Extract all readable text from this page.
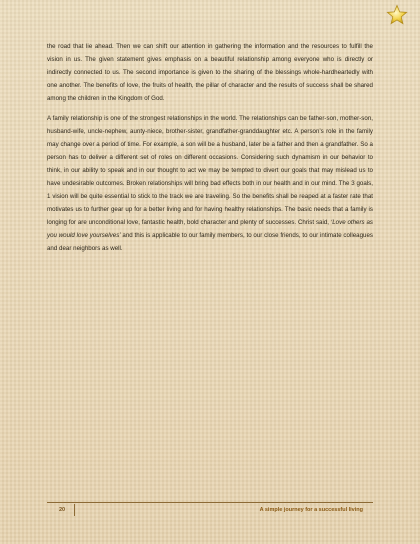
the road that lie ahead. Then we can shift our attention in gathering the information and the resources to fulfill the vision in us. The given statement gives emphasis on a beautiful relationship among everyone who is directly or indirectly connected to us. The second importance is given to the sharing of the blessings whole-hardheartedly with one another. The benefits of love, the fruits of health, the pillar of character and the results of success shall be shared among the children in the Kingdom of God.

A family relationship is one of the strongest relationships in the world. The relationships can be father-son, mother-son, husband-wife, uncle-nephew, aunty-niece, brother-sister, grandfather-granddaughter etc. A person’s role in the family may change over a period of time. For example, a son will be a husband, later be a father and then a grandfather. So a person has to deliver a different set of roles on different occasions. Considering such dynamism in our behavior to think, in our ability to speak and in our thought to act we may be tempted to divert our goals that may mislead us to have undesirable outcomes. Broken relationships will bring bad effects both in our health and in our mind. The 3 goals, 1 vision will be quite essential to stick to the track we are traveling. So the benefits shall be reaped at a faster rate that motivates us to further gear up for a better living and for having healthy relationships. The basic needs that a family is longing for are unconditional love, fantastic health, bold character and plenty of successes. Christ said, ‘Love others as you would love yourselves’ and this is applicable to our family members, to our close friends, to our intimate colleagues and dear neighbors as well.

20	A simple journey for a successful living
